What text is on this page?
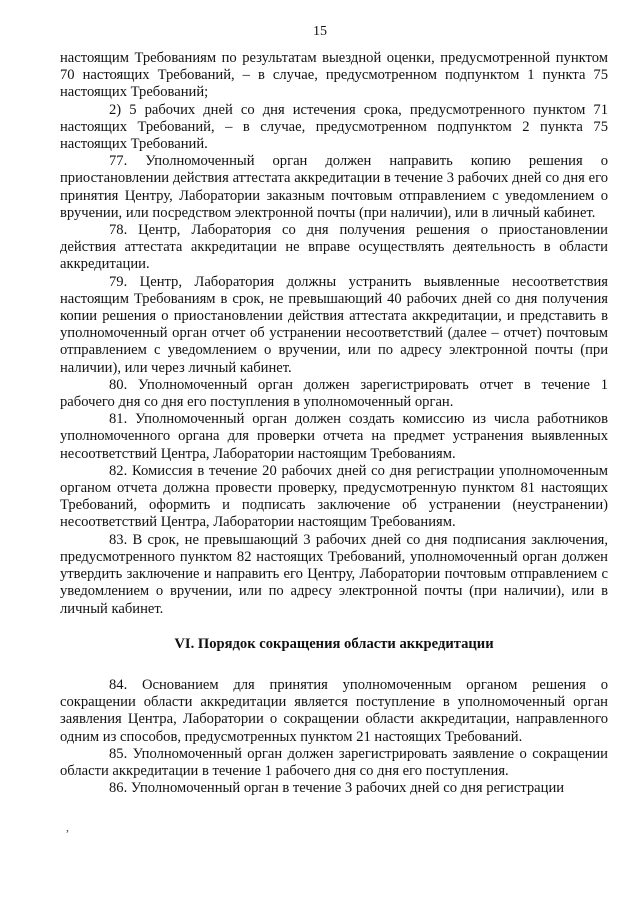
15

настоящим Требованиям по результатам выездной оценки, предусмотренной пунктом 70 настоящих Требований, – в случае, предусмотренном подпунктом 1 пункта 75 настоящих Требований;

2) 5 рабочих дней со дня истечения срока, предусмотренного пунктом 71 настоящих Требований, – в случае, предусмотренном подпунктом 2 пункта 75 настоящих Требований.

77. Уполномоченный орган должен направить копию решения о приостановлении действия аттестата аккредитации в течение 3 рабочих дней со дня его принятия Центру, Лаборатории заказным почтовым отправлением с уведомлением о вручении, или посредством электронной почты (при наличии), или в личный кабинет.

78. Центр, Лаборатория со дня получения решения о приостановлении действия аттестата аккредитации не вправе осуществлять деятельность в области аккредитации.

79. Центр, Лаборатория должны устранить выявленные несоответствия настоящим Требованиям в срок, не превышающий 40 рабочих дней со дня получения копии решения о приостановлении действия аттестата аккредитации, и представить в уполномоченный орган отчет об устранении несоответствий (далее – отчет) почтовым отправлением с уведомлением о вручении, или по адресу электронной почты (при наличии), или через личный кабинет.

80. Уполномоченный орган должен зарегистрировать отчет в течение 1 рабочего дня со дня его поступления в уполномоченный орган.

81. Уполномоченный орган должен создать комиссию из числа работников уполномоченного органа для проверки отчета на предмет устранения выявленных несоответствий Центра, Лаборатории настоящим Требованиям.

82. Комиссия в течение 20 рабочих дней со дня регистрации уполномоченным органом отчета должна провести проверку, предусмотренную пунктом 81 настоящих Требований, оформить и подписать заключение об устранении (неустранении) несоответствий Центра, Лаборатории настоящим Требованиям.

83. В срок, не превышающий 3 рабочих дней со дня подписания заключения, предусмотренного пунктом 82 настоящих Требований, уполномоченный орган должен утвердить заключение и направить его Центру, Лаборатории почтовым отправлением с уведомлением о вручении, или по адресу электронной почты (при наличии), или в личный кабинет.

VI. Порядок сокращения области аккредитации

84. Основанием для принятия уполномоченным органом решения о сокращении области аккредитации является поступление в уполномоченный орган заявления Центра, Лаборатории о сокращении области аккредитации, направленного одним из способов, предусмотренных пунктом 21 настоящих Требований.

85. Уполномоченный орган должен зарегистрировать заявление о сокращении области аккредитации в течение 1 рабочего дня со дня его поступления.

86. Уполномоченный орган в течение 3 рабочих дней со дня регистрации

,
